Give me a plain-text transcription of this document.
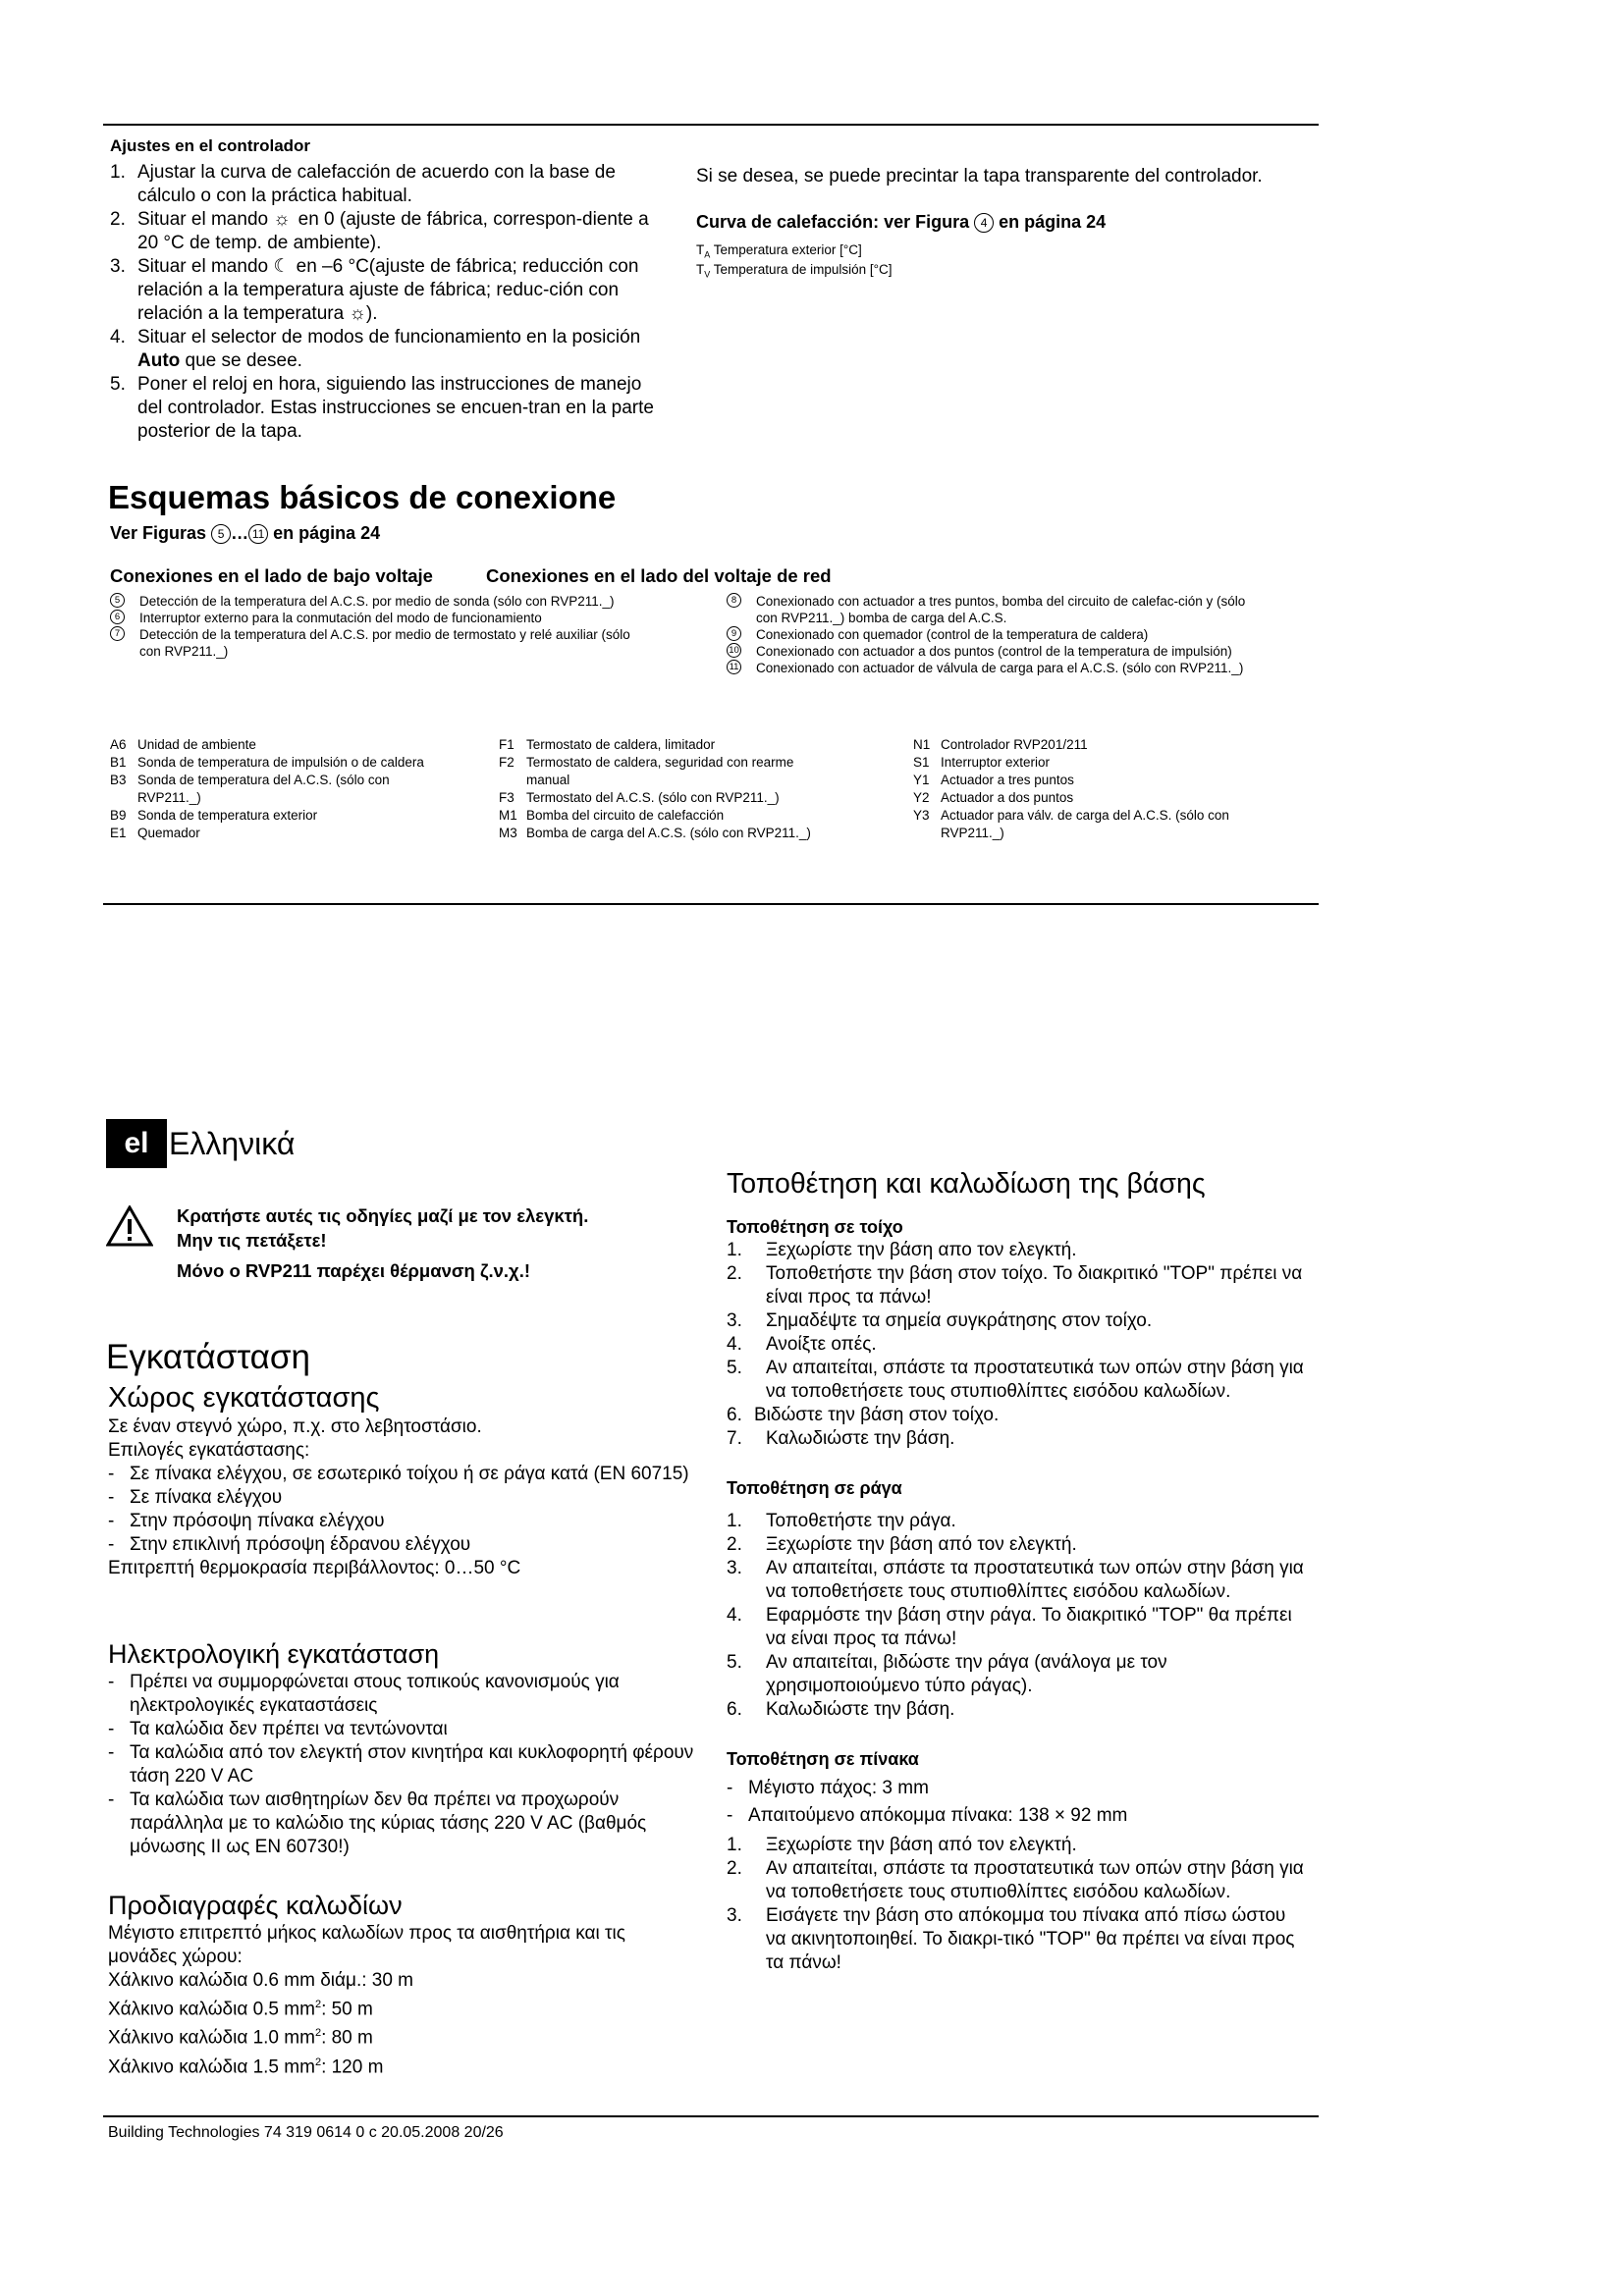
Ajustes en el controlador
1. Ajustar la curva de calefacción de acuerdo con la base de cálculo o con la práctica habitual.
2. Situar el mando ☼ en 0 (ajuste de fábrica, correspon-diente a 20 °C de temp. de ambiente).
3. Situar el mando ☾ en –6 °C(ajuste de fábrica; reducción con relación a la temperatura ajuste de fábrica; reduc-ción con relación a la temperatura ☼).
4. Situar el selector de modos de funcionamiento en la posición Auto que se desee.
5. Poner el reloj en hora, siguiendo las instrucciones de manejo del controlador. Estas instrucciones se encuen-tran en la parte posterior de la tapa.
Si se desea, se puede precintar la tapa transparente del controlador.
Curva de calefacción: ver Figura 4 en página 24
$T_A$ Temperatura exterior [°C]
$T_V$ Temperatura de impulsión [°C]
Esquemas básicos de conexione
Ver Figuras 5 … 11 en página 24
Conexiones en el lado de bajo voltaje	Conexiones en el lado del voltaje de red
5	Detección de la temperatura del A.C.S. por medio de sonda (sólo con RVP211._)
6	Interruptor externo para la conmutación del modo de funcionamiento
7	Detección de la temperatura del A.C.S. por medio de termostato y relé auxiliar (sólo con RVP211._)
8	Conexionado con actuador a tres puntos, bomba del circuito de calefac-ción y (sólo con RVP211._) bomba de carga del A.C.S.
9	Conexionado con quemador (control de la temperatura de caldera)
10 Conexionado con actuador a dos puntos (control de la temperatura de impulsión)
11 Conexionado con actuador de válvula de carga para el A.C.S. (sólo con RVP211._)
A6 Unidad de ambiente
B1 Sonda de temperatura de impulsión o de caldera
B3 Sonda de temperatura del A.C.S. (sólo con RVP211._)
B9 Sonda de temperatura exterior
E1 Quemador
F1 Termostato de caldera, limitador
F2 Termostato de caldera, seguridad con rearme manual
F3 Termostato del A.C.S. (sólo con RVP211._)
M1 Bomba del circuito de calefacción
M3 Bomba de carga del A.C.S. (sólo con RVP211._)
N1 Controlador RVP201/211
S1 Interruptor exterior
Y1 Actuador a tres puntos
Y2 Actuador a dos puntos
Y3 Actuador para válv. de carga del A.C.S. (sólo con RVP211._)
el Ελληνικά
Κρατήστε αυτές τις οδηγίες μαζί με τον ελεγκτή.
Μην τις πετάξετε!
Μόνο ο RVP211 παρέχει θέρμανση ζ.ν.χ.!
Εγκατάσταση
Χώρος εγκατάστασης
Σε έναν στεγνό χώρο, π.χ. στο λεβητοστάσιο.
Επιλογές εγκατάστασης:
- Σε πίνακα ελέγχου, σε εσωτερικό τοίχου ή σε ράγα κατά (EN 60715)
- Σε πίνακα ελέγχου
- Στην πρόσοψη πίνακα ελέγχου
- Στην επικλινή πρόσοψη έδρανου ελέγχου
Επιτρεπτή θερμοκρασία περιβάλλοντος: 0…50 °C
Ηλεκτρολογική εγκατάσταση
- Πρέπει να συμμορφώνεται στους τοπικούς κανονισμούς για ηλεκτρολογικές εγκαταστάσεις
- Τα καλώδια δεν πρέπει να τεντώνονται
- Τα καλώδια από τον ελεγκτή στον κινητήρα και κυκλοφορητή φέρουν τάση 220 V AC
- Τα καλώδια των αισθητηρίων δεν θα πρέπει να προχωρούν παράλληλα με το καλώδιο της κύριας τάσης 220 V AC (βαθμός μόνωσης II ως EN 60730!)
Προδιαγραφές καλωδίων
Μέγιστο επιτρεπτό μήκος καλωδίων προς τα αισθητήρια και τις μονάδες χώρου:
Χάλκινο καλώδια 0.6 mm διάμ.: 30 m
Χάλκινο καλώδια 0.5 $mm^2$: 50 m
Χάλκινο καλώδια 1.0 $mm^2$: 80 m
Χάλκινο καλώδια 1.5 $mm^2$: 120 m
Τοποθέτηση και καλωδίωση της βάσης
Τοποθέτηση σε τοίχο
1. Ξεχωρίστε την βάση απο τον ελεγκτή.
2. Τοποθετήστε την βάση στον τοίχο. Το διακριτικό "TOP" πρέπει να είναι προς τα πάνω!
3. Σημαδέψτε τα σημεία συγκράτησης στον τοίχο.
4. Ανοίξτε οπές.
5. Αν απαιτείται, σπάστε τα προστατευτικά των οπών στην βάση για να τοποθετήσετε τους στυπιοθλίπτες εισόδου καλωδίων.
6. Βιδώστε την βάση στον τοίχο.
7. Καλωδιώστε την βάση.
Τοποθέτηση σε ράγα
1. Τοποθετήστε την ράγα.
2. Ξεχωρίστε την βάση από τον ελεγκτή.
3. Αν απαιτείται, σπάστε τα προστατευτικά των οπών στην βάση για να τοποθετήσετε τους στυπιοθλίπτες εισόδου καλωδίων.
4. Εφαρμόστε την βάση στην ράγα. Το διακριτικό "TOP" θα πρέπει να είναι προς τα πάνω!
5. Αν απαιτείται, βιδώστε την ράγα (ανάλογα με τον χρησιμοποιούμενο τύπο ράγας).
6. Καλωδιώστε την βάση.
Τοποθέτηση σε πίνακα
- Μέγιστο πάχος: 3 mm
- Απαιτούμενο απόκομμα πίνακα: 138 × 92 mm
1. Ξεχωρίστε την βάση από τον ελεγκτή.
2. Αν απαιτείται, σπάστε τα προστατευτικά των οπών στην βάση για να τοποθετήσετε τους στυπιοθλίπτες εισόδου καλωδίων.
3. Εισάγετε την βάση στο απόκομμα του πίνακα από πίσω ώστου να ακινητοποιηθεί. Το διακρι-τικό "TOP" θα πρέπει να είναι προς τα πάνω!
Building Technologies 74 319 0614 0 c 20.05.2008 20/26
